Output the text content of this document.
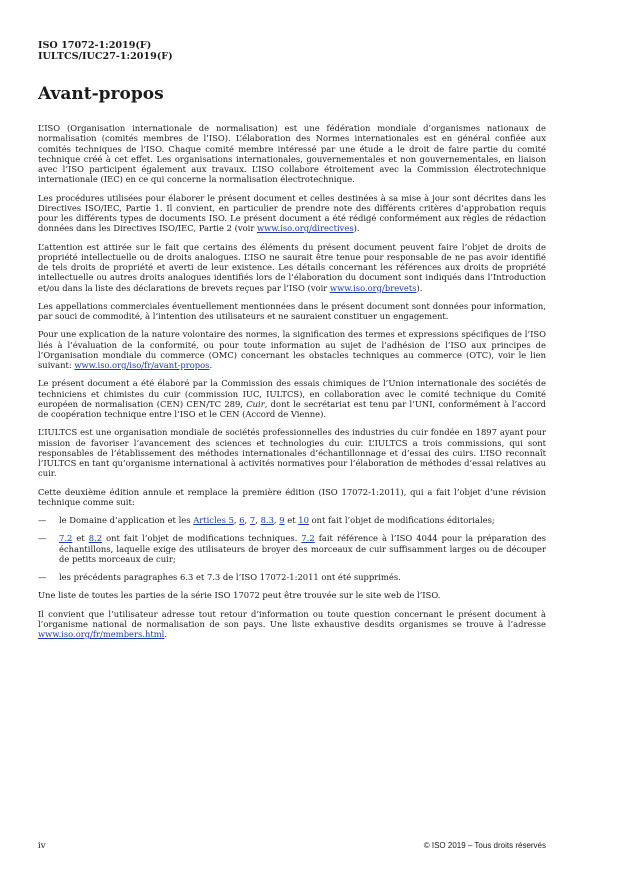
ISO 17072-1:2019(F)
IULTCS/IUC27-1:2019(F)
Avant-propos

L’ISO (Organisation internationale de normalisation) est une fédération mondiale d’organismes nationaux de normalisation (comités membres de l’ISO). L’élaboration des Normes internationales est en général confiée aux comités techniques de l’ISO. Chaque comité membre intéressé par une étude a le droit de faire partie du comité technique créé à cet effet. Les organisations internationales, gouvernementales et non gouvernementales, en liaison avec l’ISO participent également aux travaux. L’ISO collabore étroitement avec la Commission électrotechnique internationale (IEC) en ce qui concerne la normalisation électrotechnique.

Les procédures utilisées pour élaborer le présent document et celles destinées à sa mise à jour sont décrites dans les Directives ISO/IEC, Partie 1. Il convient, en particulier de prendre note des différents critères d’approbation requis pour les différents types de documents ISO. Le présent document a été rédigé conformément aux règles de rédaction données dans les Directives ISO/IEC, Partie 2 (voir www.iso.org/directives).

L’attention est attirée sur le fait que certains des éléments du présent document peuvent faire l’objet de droits de propriété intellectuelle ou de droits analogues. L’ISO ne saurait être tenue pour responsable de ne pas avoir identifié de tels droits de propriété et averti de leur existence. Les détails concernant les références aux droits de propriété intellectuelle ou autres droits analogues identifiés lors de l’élaboration du document sont indiqués dans l’Introduction et/ou dans la liste des déclarations de brevets reçues par l’ISO (voir www.iso.org/brevets).

Les appellations commerciales éventuellement mentionnées dans le présent document sont données pour information, par souci de commodité, à l’intention des utilisateurs et ne sauraient constituer un engagement.

Pour une explication de la nature volontaire des normes, la signification des termes et expressions spécifiques de l’ISO liés à l’évaluation de la conformité, ou pour toute information au sujet de l’adhésion de l’ISO aux principes de l’Organisation mondiale du commerce (OMC) concernant les obstacles techniques au commerce (OTC), voir le lien suivant: www.iso.org/iso/fr/avant-propos.

Le présent document a été élaboré par la Commission des essais chimiques de l’Union internationale des sociétés de techniciens et chimistes du cuir (commission IUC, IULTCS), en collaboration avec le comité technique du Comité européen de normalisation (CEN) CEN/TC 289, Cuir, dont le secrétariat est tenu par l’UNI, conformément à l’accord de coopération technique entre l’ISO et le CEN (Accord de Vienne).

L’IULTCS est une organisation mondiale de sociétés professionnelles des industries du cuir fondée en 1897 ayant pour mission de favoriser l’avancement des sciences et technologies du cuir. L’IULTCS a trois commissions, qui sont responsables de l’établissement des méthodes internationales d’échantillonnage et d’essai des cuirs. L’ISO reconnaît l’IULTCS en tant qu’organisme international à activités normatives pour l’élaboration de méthodes d’essai relatives au cuir.

Cette deuxième édition annule et remplace la première édition (ISO 17072-1:2011), qui a fait l’objet d’une révision technique comme suit:

—	le Domaine d’application et les Articles 5, 6, 7, 8.3, 9 et 10 ont fait l’objet de modifications éditoriales;
—	7.2 et 8.2 ont fait l’objet de modifications techniques. 7.2 fait référence à l’ISO 4044 pour la préparation des échantillons, laquelle exige des utilisateurs de broyer des morceaux de cuir suffisamment larges ou de découper de petits morceaux de cuir;
—	les précédents paragraphes 6.3 et 7.3 de l’ISO 17072-1:2011 ont été supprimés.

Une liste de toutes les parties de la série ISO 17072 peut être trouvée sur le site web de l’ISO.

Il convient que l’utilisateur adresse tout retour d’information ou toute question concernant le présent document à l’organisme national de normalisation de son pays. Une liste exhaustive desdits organismes se trouve à l’adresse www.iso.org/fr/members.html.

iv	© ISO 2019 – Tous droits réservés
